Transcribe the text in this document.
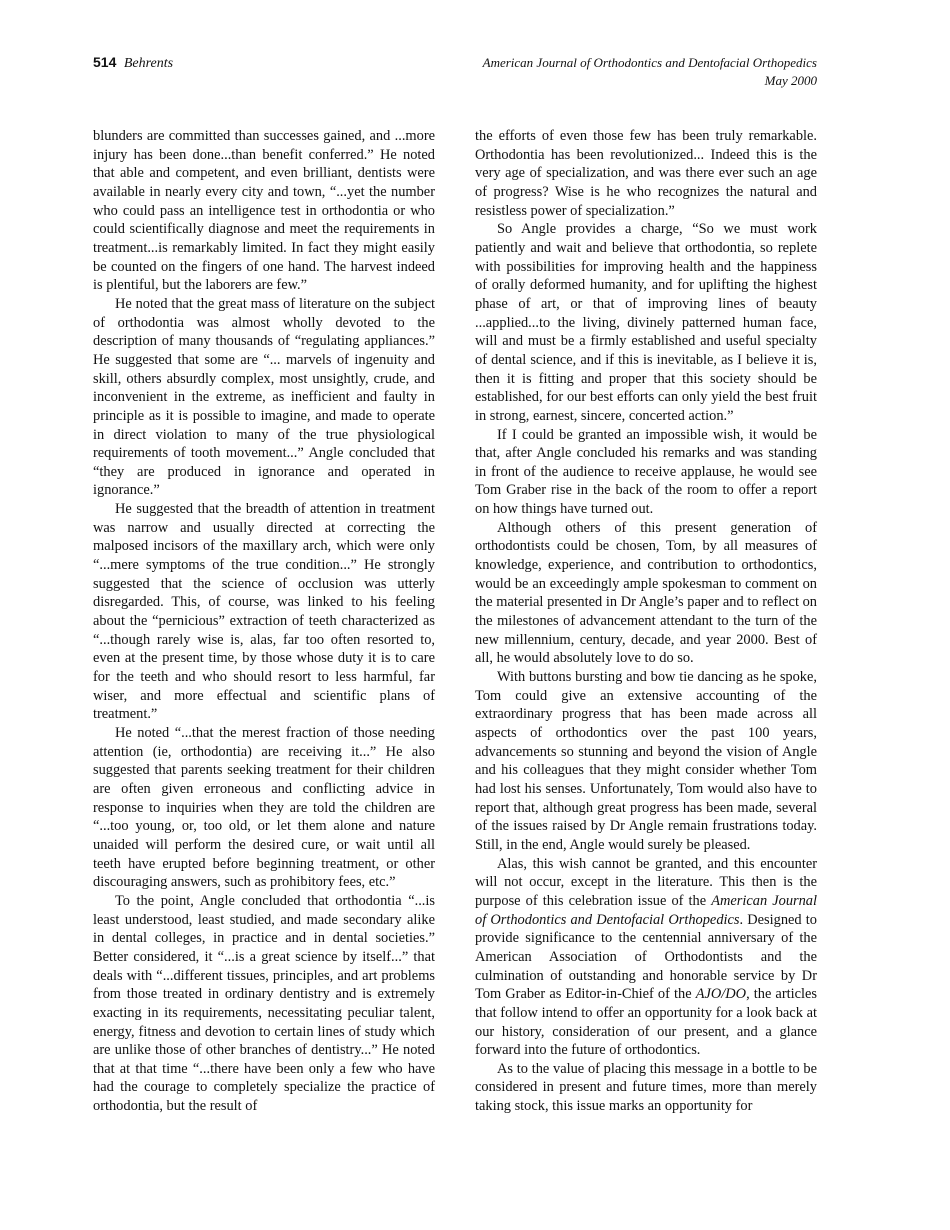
514 Behrents	American Journal of Orthodontics and Dentofacial Orthopedics
May 2000

blunders are committed than successes gained, and ...more injury has been done...than benefit conferred.” He noted that able and competent, and even brilliant, dentists were available in nearly every city and town, “...yet the number who could pass an intelligence test in orthodontia or who could scientifically diagnose and meet the requirements in treatment...is remarkably limited. In fact they might easily be counted on the fingers of one hand. The harvest indeed is plentiful, but the laborers are few.”

He noted that the great mass of literature on the subject of orthodontia was almost wholly devoted to the description of many thousands of “regulating appliances.” He suggested that some are “... marvels of ingenuity and skill, others absurdly complex, most unsightly, crude, and inconvenient in the extreme, as inefficient and faulty in principle as it is possible to imagine, and made to operate in direct violation to many of the true physiological requirements of tooth movement...” Angle concluded that “they are produced in ignorance and operated in ignorance.”

He suggested that the breadth of attention in treatment was narrow and usually directed at correcting the malposed incisors of the maxillary arch, which were only “...mere symptoms of the true condition...” He strongly suggested that the science of occlusion was utterly disregarded. This, of course, was linked to his feeling about the “pernicious” extraction of teeth characterized as “...though rarely wise is, alas, far too often resorted to, even at the present time, by those whose duty it is to care for the teeth and who should resort to less harmful, far wiser, and more effectual and scientific plans of treatment.”

He noted “...that the merest fraction of those needing attention (ie, orthodontia) are receiving it...” He also suggested that parents seeking treatment for their children are often given erroneous and conflicting advice in response to inquiries when they are told the children are “...too young, or, too old, or let them alone and nature unaided will perform the desired cure, or wait until all teeth have erupted before beginning treatment, or other discouraging answers, such as prohibitory fees, etc.”

To the point, Angle concluded that orthodontia “...is least understood, least studied, and made secondary alike in dental colleges, in practice and in dental societies.” Better considered, it “...is a great science by itself...” that deals with “...different tissues, principles, and art problems from those treated in ordinary dentistry and is extremely exacting in its requirements, necessitating peculiar talent, energy, fitness and devotion to certain lines of study which are unlike those of other branches of dentistry...” He noted that at that time “...there have been only a few who have had the courage to completely specialize the practice of orthodontia, but the result of

the efforts of even those few has been truly remarkable. Orthodontia has been revolutionized... Indeed this is the very age of specialization, and was there ever such an age of progress? Wise is he who recognizes the natural and resistless power of specialization.”

So Angle provides a charge, “So we must work patiently and wait and believe that orthodontia, so replete with possibilities for improving health and the happiness of orally deformed humanity, and for uplifting the highest phase of art, or that of improving lines of beauty ...applied...to the living, divinely patterned human face, will and must be a firmly established and useful specialty of dental science, and if this is inevitable, as I believe it is, then it is fitting and proper that this society should be established, for our best efforts can only yield the best fruit in strong, earnest, sincere, concerted action.”

If I could be granted an impossible wish, it would be that, after Angle concluded his remarks and was standing in front of the audience to receive applause, he would see Tom Graber rise in the back of the room to offer a report on how things have turned out.

Although others of this present generation of orthodontists could be chosen, Tom, by all measures of knowledge, experience, and contribution to orthodontics, would be an exceedingly ample spokesman to comment on the material presented in Dr Angle’s paper and to reflect on the milestones of advancement attendant to the turn of the new millennium, century, decade, and year 2000. Best of all, he would absolutely love to do so.

With buttons bursting and bow tie dancing as he spoke, Tom could give an extensive accounting of the extraordinary progress that has been made across all aspects of orthodontics over the past 100 years, advancements so stunning and beyond the vision of Angle and his colleagues that they might consider whether Tom had lost his senses. Unfortunately, Tom would also have to report that, although great progress has been made, several of the issues raised by Dr Angle remain frustrations today. Still, in the end, Angle would surely be pleased.

Alas, this wish cannot be granted, and this encounter will not occur, except in the literature. This then is the purpose of this celebration issue of the American Journal of Orthodontics and Dentofacial Orthopedics. Designed to provide significance to the centennial anniversary of the American Association of Orthodontists and the culmination of outstanding and honorable service by Dr Tom Graber as Editor-in-Chief of the AJO/DO, the articles that follow intend to offer an opportunity for a look back at our history, consideration of our present, and a glance forward into the future of orthodontics.

As to the value of placing this message in a bottle to be considered in present and future times, more than merely taking stock, this issue marks an opportunity for
